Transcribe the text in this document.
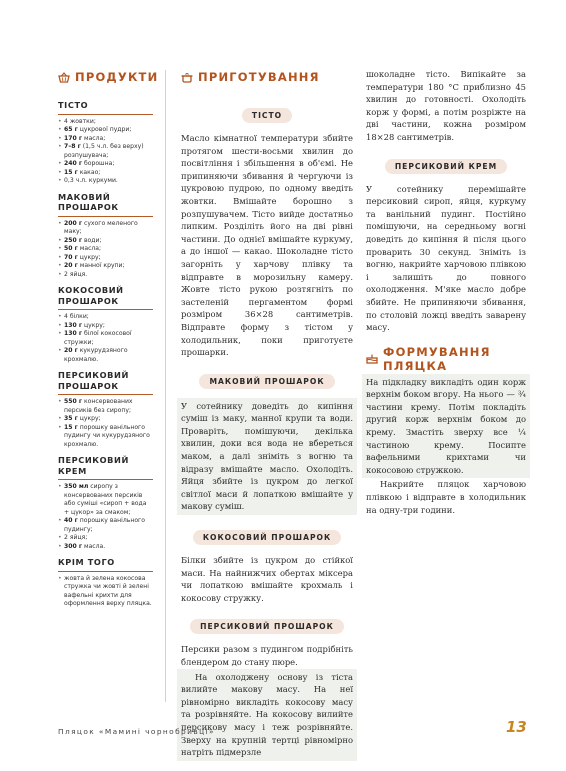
ПРОДУКТИ
ТІСТО
• 4 жовтки;
• 65 г цукрової пудри;
• 170 г масла;
• 7–8 г (1,5 ч.л. без верху) розпушувача;
• 240 г борошна;
• 15 г какао;
• 0,3 ч.л. куркуми.
МАКОВИЙ ПРОШАРОК
• 200 г сухого меленого маку;
• 250 г води;
• 50 г масла;
• 70 г цукру;
• 20 г манної крупи;
• 2 яйця.
КОКОСОВИЙ ПРОШАРОК
• 4 білки;
• 130 г цукру;
• 130 г білої кокосової стружки;
• 20 г кукурудзяного крохмалю.
ПЕРСИКОВИЙ ПРОШАРОК
• 550 г консервованих персиків без сиропу;
• 35 г цукру;
• 15 г порошку ванільного пудингу чи кукурудзяного крохмалю.
ПЕРСИКОВИЙ КРЕМ
• 350 мл сиропу з консервованих персиків або суміші «сироп + вода + цукор» за смаком;
• 40 г порошку ванільного пудингу;
• 2 яйця;
• 300 г масла.
КРІМ ТОГО
• жовта й зелена кокосова стружка чи жовті й зелені вафельні крихти для оформлення верху пляцка.
ПРИГОТУВАННЯ
ТІСТО

Масло кімнатної температури збийте протягом шести-восьми хвилин до посвітління і збільшення в об'ємі. Не припиняючи збивання й чергуючи із цукровою пудрою, по одному введіть жовтки. Вмішайте борошно з розпушувачем. Тісто вийде достатньо липким. Розділіть його на дві рівні частини. До однієї вмішайте куркуму, а до іншої — какао. Шоколадне тісто загорніть у харчову плівку та відправте в морозильну камеру. Жовте тісто рукою розтягніть по застеленій пергаментом формі розміром 36×28 сантиметрів. Відправте форму з тістом у холодильник, поки приготуєте прошарки.

МАКОВИЙ ПРОШАРОК

У сотейнику доведіть до кипіння суміш із маку, манної крупи та води. Проваріть, помішуючи, декілька хвилин, доки вся вода не вбереться маком, а далі зніміть з вогню та відразу вмішайте масло. Охолодіть. Яйця збийте із цукром до легкої світлої маси й лопаткою вмішайте у макову суміш.

КОКОСОВИЙ ПРОШАРОК

Білки збийте із цукром до стійкої маси. На найнижчих обертах міксера чи лопаткою вмішайте крохмаль і кокосову стружку.

ПЕРСИКОВИЙ ПРОШАРОК

Персики разом з пудингом подрібніть блендером до стану пюре.

На охолоджену основу із тіста вилийте макову масу. На неї рівномірно викладіть кокосову масу та розрівняйте. На кокосову вилийте персикову масу і теж розрівняйте. Зверху на крупній тертці рівномірно натріть підмерзле

шоколадне тісто. Випікайте за температури 180 °C приблизно 45 хвилин до готовності. Охолодіть корж у формі, а потім розріжте на дві частини, кожна розміром 18×28 сантиметрів.

ПЕРСИКОВИЙ КРЕМ

У сотейнику перемішайте персиковий сироп, яйця, куркуму та ванільний пудинг. Постійно помішуючи, на середньому вогні доведіть до кипіння й після цього проварить 30 секунд. Зніміть із вогню, накрийте харчовою плівкою і залишіть до повного охолодження. М'яке масло добре збийте. Не припиняючи збивання, по столовій ложці введіть заварену масу.

ФОРМУВАННЯ ПЛЯЦКА

На підкладку викладіть один корж верхнім боком вгору. На нього — ¾ частини крему. Потім покладіть другий корж верхнім боком до крему. Змастіть зверху все ¼ частиною крему. Посипте вафельними крихтами чи кокосовою стружкою.

Накрийте пляцок харчовою плівкою і відправте в холодильник на одну-три години.

Пляцок «Мамині чорнобривці»	13
